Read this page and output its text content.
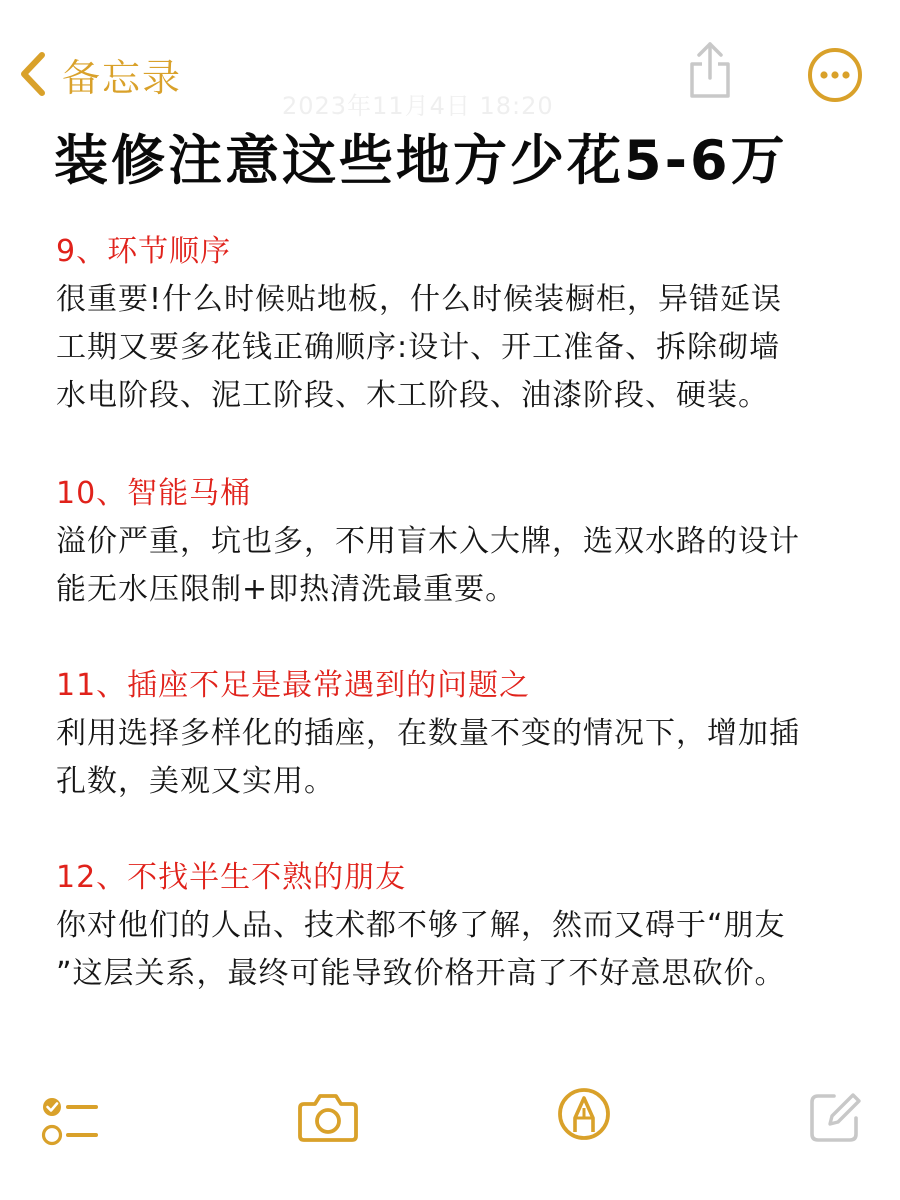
备忘录
2023年11月4日 18:20
装修注意这些地方少花5-6万
9、环节顺序
很重要!什么时候贴地板，什么时候装橱柜，异错延误
工期又要多花钱正确顺序:设计、开工准备、拆除砌墙
水电阶段、泥工阶段、木工阶段、油漆阶段、硬装。
10、智能马桶
溢价严重，坑也多，不用盲木入大牌，选双水路的设计
能无水压限制+即热清洗最重要。
11、插座不足是最常遇到的问题之
利用选择多样化的插座，在数量不变的情况下，增加插
孔数，美观又实用。
12、不找半生不熟的朋友
你对他们的人品、技术都不够了解，然而又碍于“朋友
”这层关系，最终可能导致价格开高了不好意思砍价。
